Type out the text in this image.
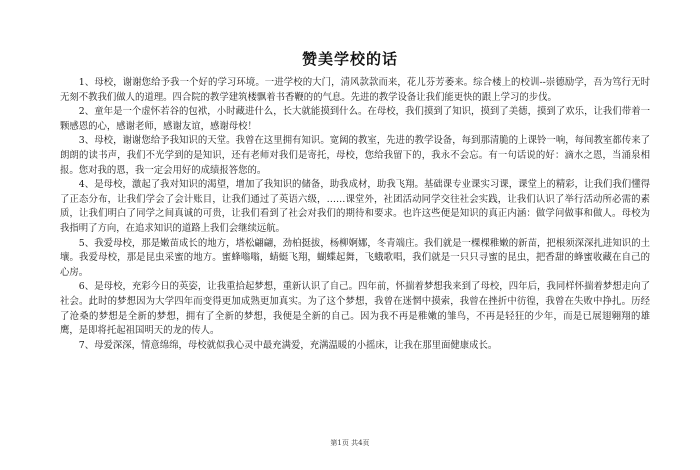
赞美学校的话

1、母校，谢谢您给予我一个好的学习环境。一进学校的大门，清风款款而来，花儿芬芳萎来。综合楼上的校训--崇德励学，吾为笃行无时无刻不教我们做人的道理。四合院的教学建筑楼飘着书香鞭的的气息。先进的教学设备让我们能更快的跟上学习的步伐。

2、童年是一个虚怀若谷的包袱，小时藏进什么，长大就能摸到什么。在母校，我们摸到了知识，摸到了美德，摸到了欢乐，让我们带着一颗感恩的心，感谢老师，感谢友谊，感谢母校！

3、母校，谢谢您给予我知识的天堂。我曾在这里拥有知识。宽阔的教室，先进的教学设备，每到那清脆的上课铃一响，每间教室都传来了朗朗的读书声，我们不光学到的是知识，还有老师对我们是寄托，母校，您给我留下的，我永不会忘。有一句话说的好：滴水之恩，当涌泉相报。您对我的恩，我一定会用好的成绩报答您的。

4、是母校，激起了我对知识的渴望，增加了我知识的储备，助我成材，助我飞翔。基础课专业课实习课，课堂上的精彩，让我们我们懂得了正态分布，让我们学会了会计账目，让我们通过了英语六级，……课堂外，社团活动同学交往社会实践，让我们认识了举行活动所必需的素质，让我们明白了同学之间真诚的可贵，让我们看到了社会对我们的期待和要求。也许这些便是知识的真正内涵：做学问做事和做人。母校为我指明了方向，在追求知识的道路上我们会继续远航。

5、我爱母校，那是嫩苗成长的地方，塔松翩翩，劲柏挺拔，杨柳婀娜，冬青端庄。我们就是一棵棵稚嫩的新苗，把根须深深扎进知识的土壤。我爱母校，那是昆虫采蜜的地方。蜜蜂嗡嗡，蜻蜓飞翔，蝴蝶起舞，飞蛾歌唱，我们就是一只只寻蜜的昆虫，把香甜的蜂蜜收藏在自己的心房。

6、是母校，充彩今日的英姿，让我重拾起梦想，重新认识了自己。四年前，怀揣着梦想我来到了母校，四年后，我同样怀揣着梦想走向了社会。此时的梦想因为大学四年而变得更加成熟更加真实。为了这个梦想，我曾在迷惘中摸索，我曾在挫折中彷徨，我曾在失败中挣扎。历经了沧桑的梦想是全新的梦想，拥有了全新的梦想，我便是全新的自己。因为我不再是稚嫩的雏鸟，不再是轻狂的少年，而是已展翅翱翔的雄鹰，是即将托起祖国明天的龙的传人。

7、母爱深深，情意绵绵，母校就似我心灵中最充满爱，充满温暖的小摇床，让我在那里面健康成长。

第1页 共4页
